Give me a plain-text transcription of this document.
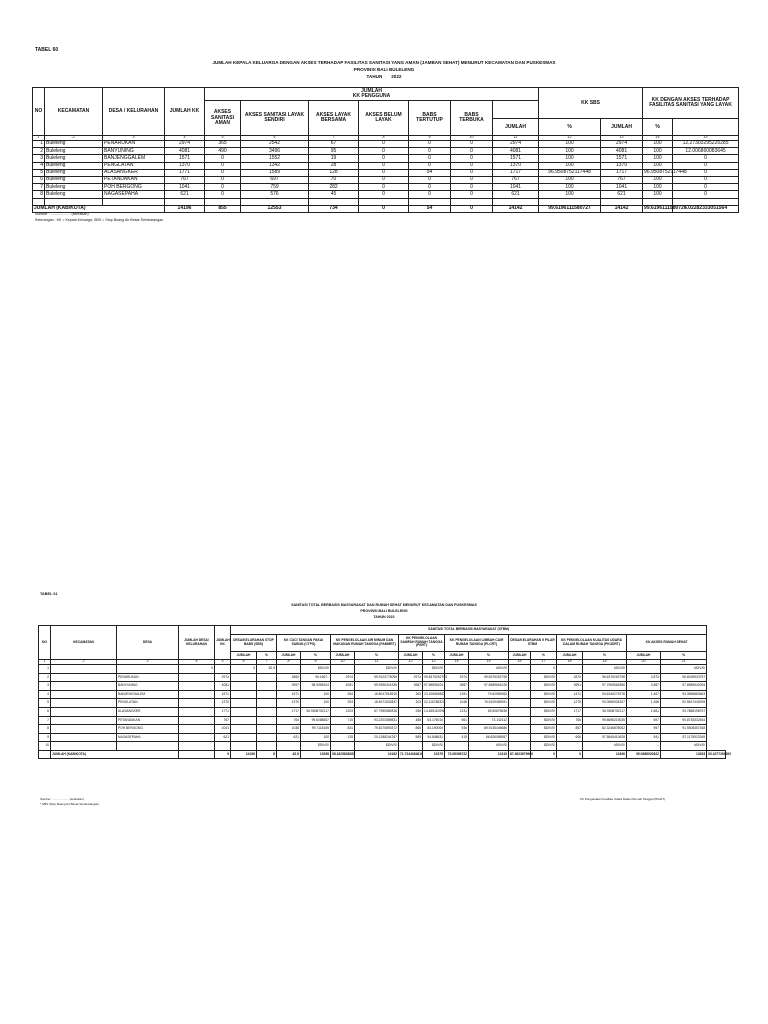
TABEL 60
JUMLAH KEPALA KELUARGA DENGAN AKSES TERHADAP FASILITAS SANITASI YANG AMAN (JAMBAN SEHAT) MENURUT KECAMATAN DAN PUSKESMAS
PROVINSI BALI BULELENG
TAHUN 2022
NO	KECAMATAN	DESA / KELURAHAN	JUMLAH KK	JUMLAH
KK PENGGUNA							KK SBS		KK DENGAN AKSES TERHADAP FASILITAS SANITASI YANG LAYAK	
				AKSES SANITASI AMAN	AKSES SANITASI LAYAK SENDIRI	AKSES LAYAK BERSAMA	AKSES BELUM LAYAK	BABS TERTUTUP	BABS TERBUKA						
										JUMLAH	%	JUMLAH	%		
1	2	3	4	5	6	7	8	9	10	11	12	13	14	15	
1	Buleleng	PENARUKAN	2974	365	2542	67	0	0	0	2974	100	2974	100	12.27303295225285	
2	Buleleng	BANYUNING	4081	490	3496	95	0	0	0	4081	100	4081	100	12.006860083645	
3	Buleleng	BANJENGGALEM	1571	0	1552	19	0	0	0	1571	100	1571	100	0	
4	Buleleng	PENGLATAN	1370	0	1342	28	0	0	0	1370	100	1370	100	0	
5	Buleleng	ALASANGKER	1771	0	1589	128	0	54	0	1717	96.9508752117448	1717	96.9508752117448	0	
6	Buleleng	PETANDAKAN	767	0	697	70	0	0	0	767	100	767	100	0	
7	Buleleng	POH BERGONG	1041	0	759	282	0	0	0	1041	100	1041	100	0	
8	Buleleng	NAGASEPAHA	621	0	576	45	0	0	0	621	100	621	100	0	

JUMLAH (KAB/KOTA)			14196	855	12553	734	0	54	0	14142	99.6196111580727	14142	99.6196111580727	6.02282333051564	
Sumber : .................... (sebutkan)
Keterangan : KK = Kepala Keluarga, SBS = Stop Buang Air Besar Sembarangan
TABEL 61
SANITASI TOTAL BERBASIS MASYARAKAT DAN RUMAH SEHAT MENURUT KECAMATAN DAN PUSKESMAS
PROVINSI BALI BULELENG
TAHUN 2022
NO	KECAMATAN	DESA	JUMLAH DESA/ KELURAHAN	JUMLAH KK	SANITASI TOTAL BERBASIS MASYARAKAT (STBM)																
					DESA/KELURAHAN STOP BABS (SBS)		KK CUCI TANGAN PAKAI SABUN (CTPS)		KK PENGELOLAAN AIR MINUM DAN MAKANAN RUMAH TANGGA (PAMMRT)		KK PENGELOLAAN SAMPAH RUMAH TANGGA (PSRT)		KK PENGELOLAAN LIMBAH CAIR RUMAH TANGGA (PLCRT)		DESA/KELURAHAN 5 PILAR STBM		KK PENGELOLAAN KUALITAS UDARA DALAM RUMAH TANGGA (PKUDRT)		KK AKSES RUMAH SEHAT		
					JUMLAH	%	JUMLAH	%	JUMLAH	%	JUMLAH	%	JUMLAH	%	JUMLAH	%	JUMLAH	%	JUMLAH	%	
1	2	3	4	5	6	7	8	9	10	11	12	13	14	15	16	17	18	19	20	21	
1			0		0	62.5		$DIV/0!		$DIV/0!		$DIV/0!		#DIV/0!		0		#DIV/0!		#DIV/0!	
2		PENARUKAN		2974			2860	96.1667..	2974	99.9123775056	2974	99.8375252793	2974	99.8375252798		$DIV/0!	2870	96.6375252798	2,873	96.6039533757	
3		BANYUNING		4081			3997	98.9396324	4081	99.9396324336	3987	97.69896024	3987	97.6989604228		$DIV/0!	3991	97.7905562856	3,987	97.6989642094	
4		BANJENGGALEM		1571			1571	100	264	16.8047818915	363	23.105665822	1251	79.62989363		$DIV/0!	1471	93.6346279276	1,467	93.3986883663	
5		PENGLATAN		1370			1370	100	253	18.4671532847	303	22.116788321	1048	76.5109489051		$DIV/0!	1275	93.0656934307	1,268	92.5547445255	
6		ALASANGKER		1771			1717	96.9508752117	1203	67.7950582818	256	14.455110096	1231	69.50875635		$DIV/0!	1717	96.9508752117	1,661	93.7888198757	
7		PETANDAKAN		767			764	99.6088657	715	93.2203389831	485	63.176010	561	73.142112		$DIV/0!	766	99.8696219035	697	90.8735332464	
8		POH BERGONG		1041			1038	99.7118155	831	79.8270893372	866	83.190000	936	89.9135446686		$DIV/0!	857	82.3246878002	957	91.9308357348	
9		NAGASEPAHA		621			621	100	125	20.1288244767	589	94.848631	415	66.826086957		$DIV/0!	606	97.5845410628	541	87.1175523349	
10								$DIV/0!		$DIV/0!		$DIV/0!		#DIV/0!		$DIV/0!		#DIV/0!	-	#DIV/0!	
	JUMLAH (KAB/KOTA)			9	14196	8	62.5	13938	98.1825838265	10182	71.7244364610	10375	73.08396722	12419	87.4823879966	0	0	13496	95.0688920822	13263	93.4277261200
Sumber : ................... (sebutkan)
* SBS (Stop Buang Air Besar Sembarangan)
KK Pengelolaan Kualitas Udara Dalam Rumah Tangga (PKuDT)
